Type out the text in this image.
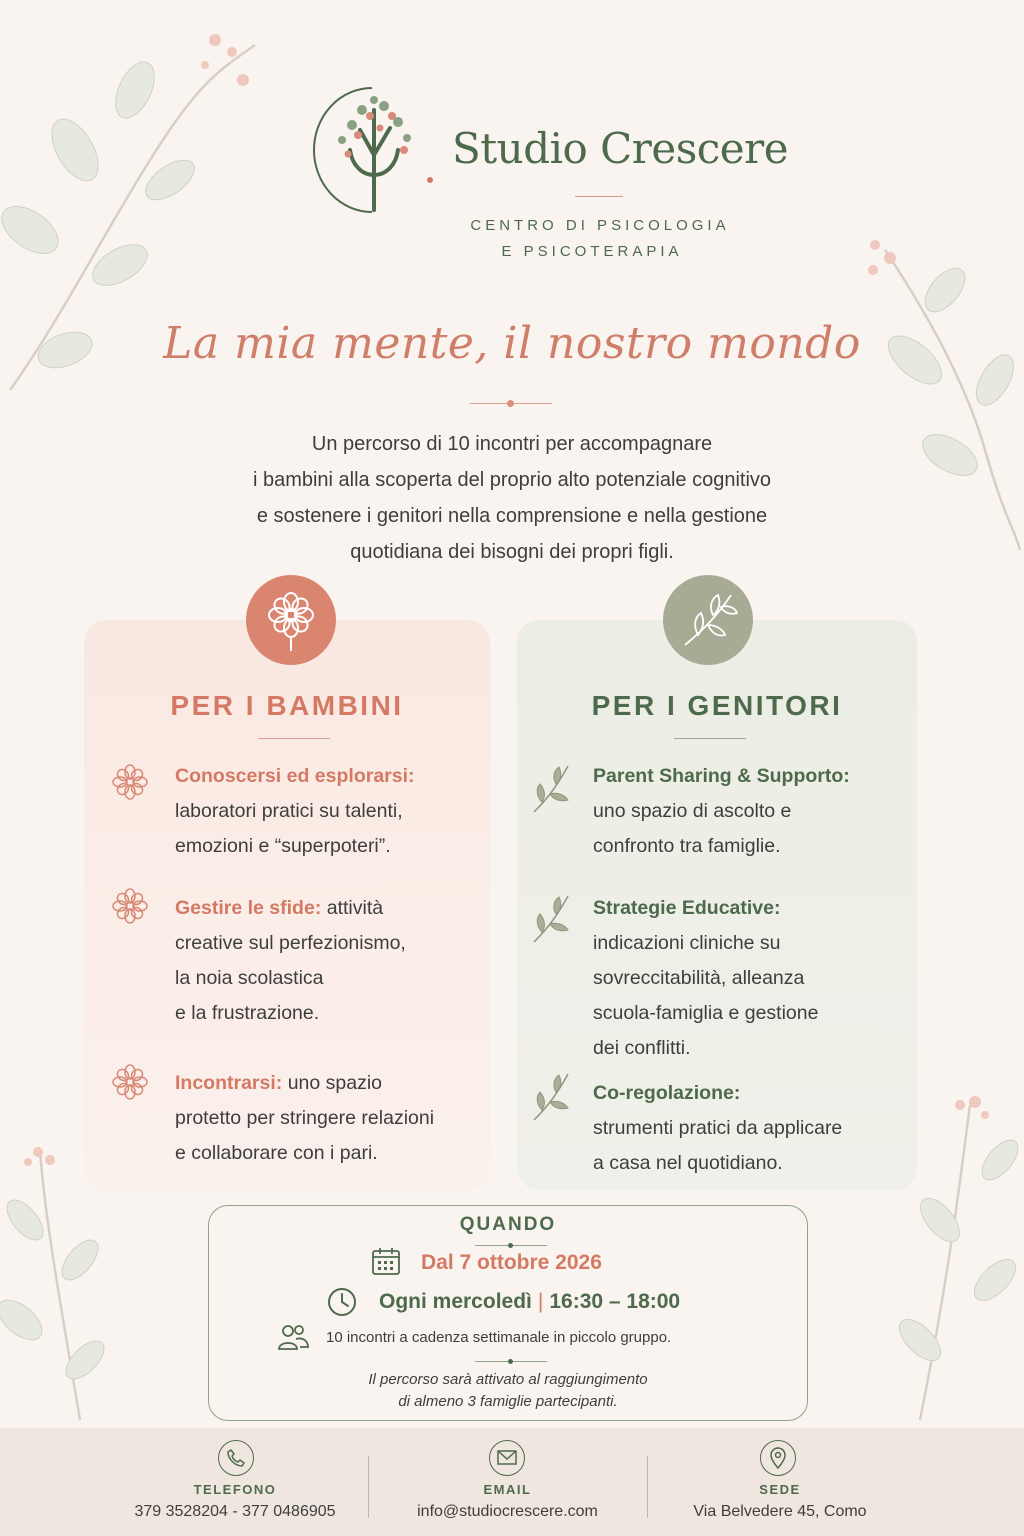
Studio Crescere
CENTRO DI PSICOLOGIA
E PSICOTERAPIA
La mia mente, il nostro mondo
Un percorso di 10 incontri per accompagnare
i bambini alla scoperta del proprio alto potenziale cognitivo
e sostenere i genitori nella comprensione e nella gestione
quotidiana dei bisogni dei propri figli.
PER I BAMBINI	PER I GENITORI
Conoscersi ed esplorarsi:
laboratori pratici su talenti,
emozioni e “superpoteri”.
Gestire le sfide: attività
creative sul perfezionismo,
la noia scolastica
e la frustrazione.
Incontrarsi: uno spazio
protetto per stringere relazioni
e collaborare con i pari.
Parent Sharing & Supporto:
uno spazio di ascolto e
confronto tra famiglie.
Strategie Educative:
indicazioni cliniche su
sovreccitabilità, alleanza
scuola-famiglia e gestione
dei conflitti.
Co-regolazione:
strumenti pratici da applicare
a casa nel quotidiano.
QUANDO
Dal 7 ottobre 2026
Ogni mercoledì | 16:30 – 18:00
10 incontri a cadenza settimanale in piccolo gruppo.
Il percorso sarà attivato al raggiungimento
di almeno 3 famiglie partecipanti.
TELEFONO
379 3528204 - 377 0486905
EMAIL
info@studiocrescere.com
SEDE
Via Belvedere 45, Como
